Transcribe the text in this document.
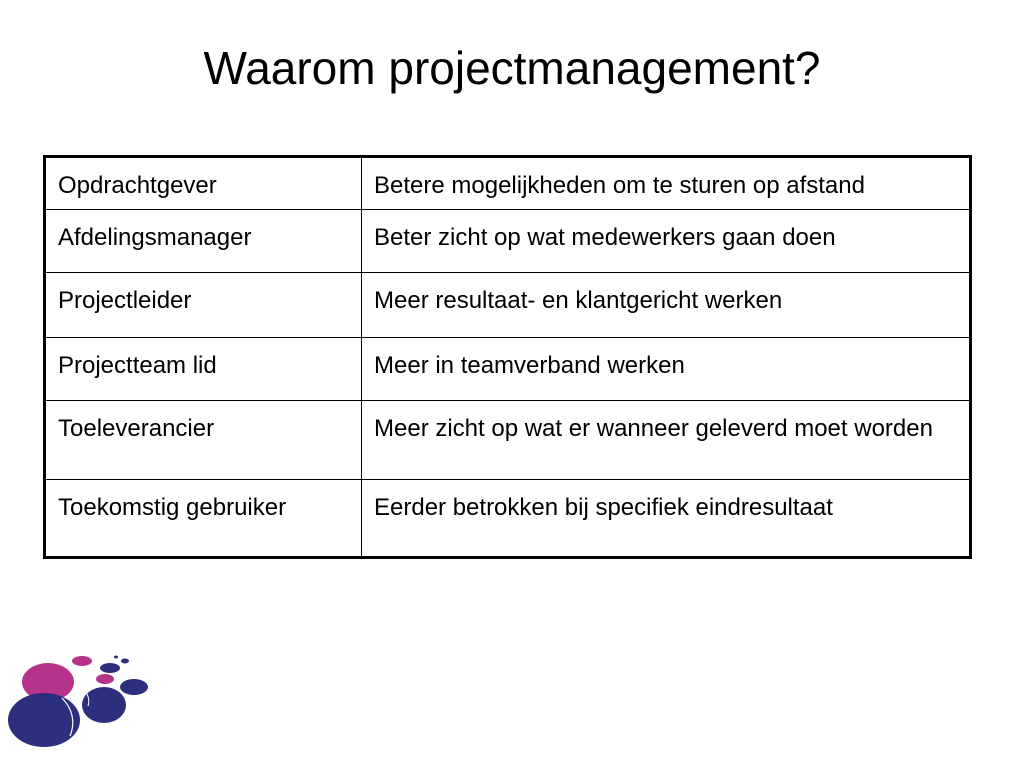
Waarom projectmanagement?
Opdrachtgever	Betere mogelijkheden om te sturen op afstand
Afdelingsmanager	Beter zicht op wat medewerkers gaan doen
Projectleider	Meer resultaat- en klantgericht werken
Projectteam lid	Meer in teamverband werken
Toeleverancier	Meer zicht op wat er wanneer geleverd moet worden
Toekomstig gebruiker	Eerder betrokken bij specifiek eindresultaat
